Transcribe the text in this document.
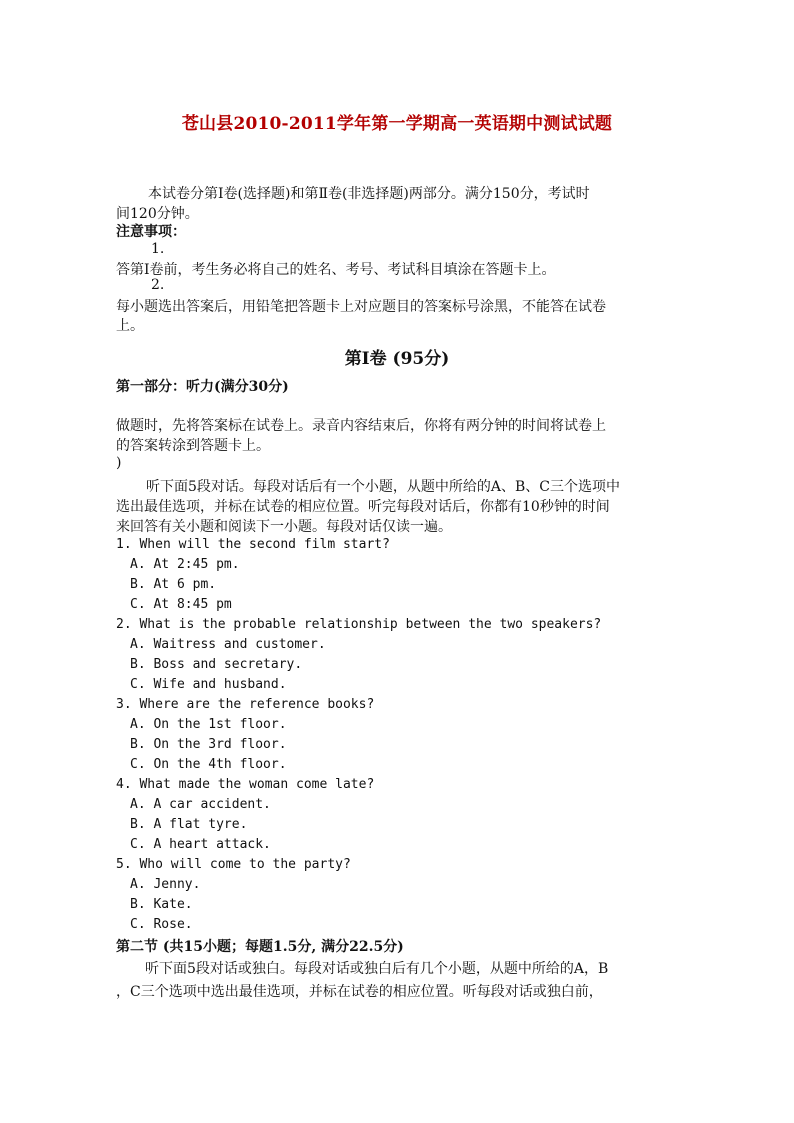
苍山县2010-2011学年第一学期高一英语期中测试试题
本试卷分第Ⅰ卷(选择题)和第Ⅱ卷(非选择题)两部分。满分150分，考试时
间120分钟。
注意事项：
1.
答第Ⅰ卷前，考生务必将自己的姓名、考号、考试科目填涂在答题卡上。
2.
每小题选出答案后，用铅笔把答题卡上对应题目的答案标号涂黑，不能答在试卷
上。
第Ⅰ卷 (95分)
第一部分：听力(满分30分)
做题时，先将答案标在试卷上。录音内容结束后，你将有两分钟的时间将试卷上
的答案转涂到答题卡上。
)
听下面5段对话。每段对话后有一个小题，从题中所给的A、B、C三个选项中
选出最佳选项，并标在试卷的相应位置。听完每段对话后，你都有10秒钟的时间
来回答有关小题和阅读下一小题。每段对话仅读一遍。
1. When will the second film start?
A. At 2:45 pm.
B. At 6 pm.
C. At 8:45 pm
2. What is the probable relationship between the two speakers?
A. Waitress and customer.
B. Boss and secretary.
C. Wife and husband.
3. Where are the reference books?
A. On the 1st floor.
B. On the 3rd floor.
C. On the 4th floor.
4. What made the woman come late?
A. A car accident.
B. A flat tyre.
C. A heart attack.
5. Who will come to the party?
A. Jenny.
B. Kate.
C. Rose.
第二节 (共15小题；每题1.5分, 满分22.5分)
听下面5段对话或独白。每段对话或独白后有几个小题，从题中所给的A，B
，C三个选项中选出最佳选项，并标在试卷的相应位置。听每段对话或独白前，
